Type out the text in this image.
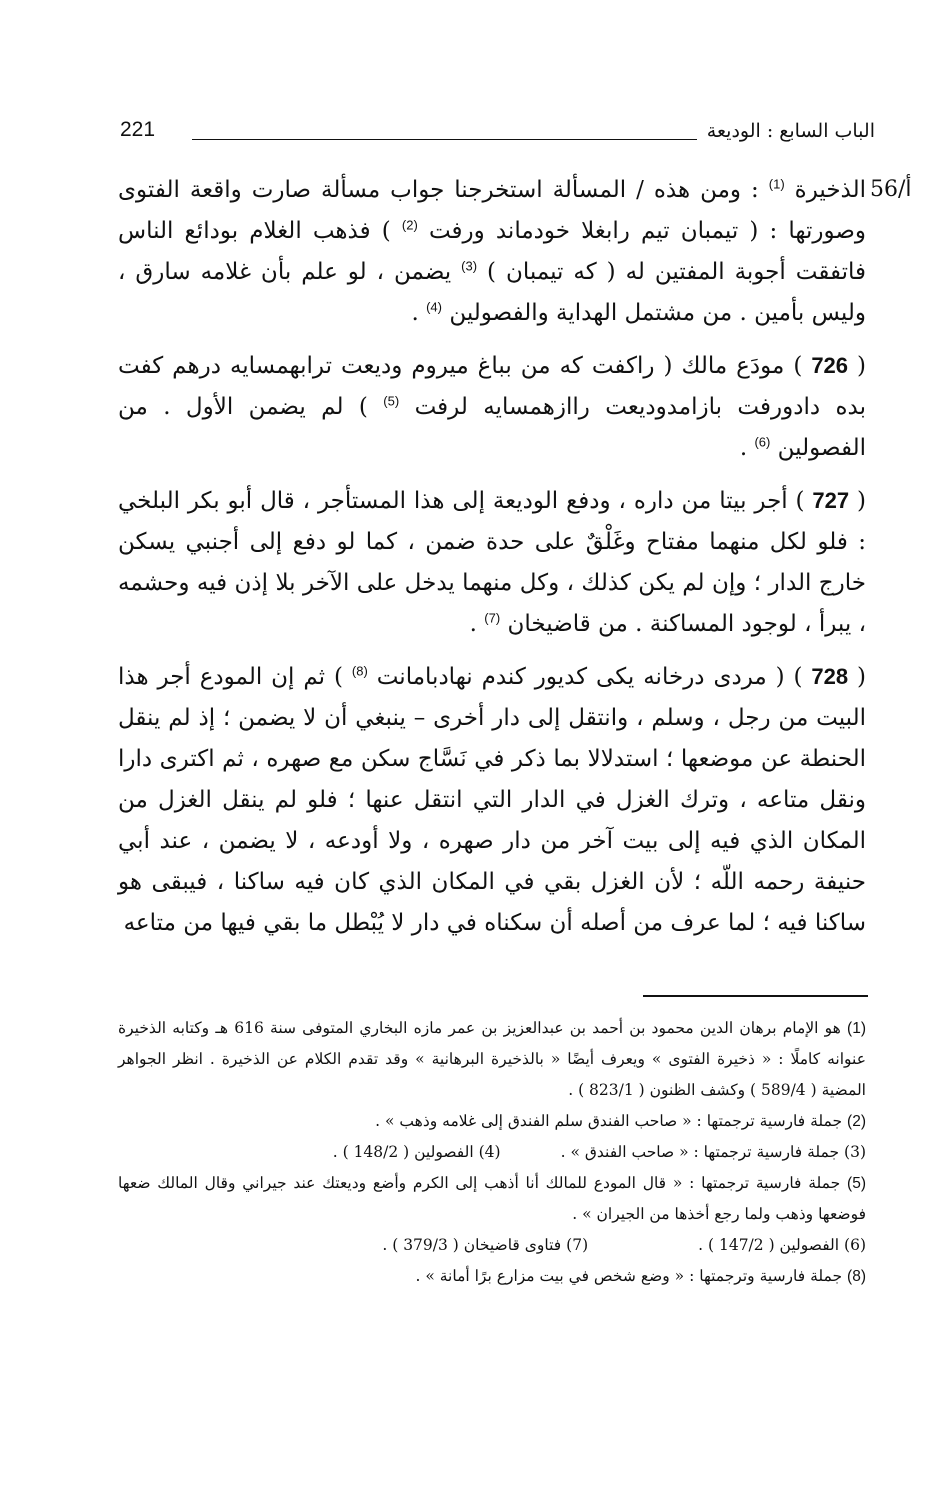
الباب السابع : الوديعة
221
56/أ

الذخيرة $^{(1)}$ : ومن هذه / المسألة استخرجنا جواب مسألة صارت واقعة الفتوى وصورتها : ( تيمبان تيم رابغلا خودماند ورفت $^{(2)}$ ) فذهب الغلام بودائع الناس فاتفقت أجوبة المفتين له ( كه تيمبان ) $^{(3)}$ يضمن ، لو علم بأن غلامه سارق ، وليس بأمين . من مشتمل الهداية والفصولين $^{(4)}$ .

( 726 ) مودَع مالك ( راكفت كه من بباغ ميروم وديعت ترابهمسايه درهم كفت بده دادورفت بازامدوديعت راازهمسايه لرفت $^{(5)}$ ) لم يضمن الأول . من الفصولين $^{(6)}$ .

( 727 ) أجر بيتا من داره ، ودفع الوديعة إلى هذا المستأجر ، قال أبو بكر البلخي : فلو لكل منهما مفتاح وغَلْقٌ على حدة ضمن ، كما لو دفع إلى أجنبي يسكن خارج الدار ؛ وإن لم يكن كذلك ، وكل منهما يدخل على الآخر بلا إذن فيه وحشمه ، يبرأ ، لوجود المساكنة . من قاضيخان $^{(7)}$ .

( 728 ) ( مردى درخانه يكى كديور كندم نهادبامانت $^{(8)}$ ) ثم إن المودع أجر هذا البيت من رجل ، وسلم ، وانتقل إلى دار أخرى – ينبغي أن لا يضمن ؛ إذ لم ينقل الحنطة عن موضعها ؛ استدلالا بما ذكر في نَسَّاج سكن مع صهره ، ثم اكترى دارا ونقل متاعه ، وترك الغزل في الدار التي انتقل عنها ؛ فلو لم ينقل الغزل من المكان الذي فيه إلى بيت آخر من دار صهره ، ولا أودعه ، لا يضمن ، عند أبي حنيفة رحمه اللّه ؛ لأن الغزل بقي في المكان الذي كان فيه ساكنا ، فيبقى هو ساكنا فيه ؛ لما عرف من أصله أن سكناه في دار لا يُبْطل ما بقي فيها من متاعه

(1) هو الإمام برهان الدين محمود بن أحمد بن عبدالعزيز بن عمر مازه البخاري المتوفى سنة 616 هـ وكتابه الذخيرة عنوانه كاملًا : « ذخيرة الفتوى » ويعرف أيضًا « بالذخيرة البرهانية » وقد تقدم الكلام عن الذخيرة . انظر الجواهر المضية ( 589/4 ) وكشف الظنون ( 823/1 ) .

(2) جملة فارسية ترجمتها : « صاحب الفندق سلم الفندق إلى غلامه وذهب » .

(3) جملة فارسية ترجمتها : « صاحب الفندق » .(4) الفصولين ( 148/2 ) .

(5) جملة فارسية ترجمتها : « قال المودع للمالك أنا أذهب إلى الكرم وأضع وديعتك عند جيراني وقال المالك ضعها فوضعها وذهب ولما رجع أخذها من الجيران » .

(6) الفصولين ( 147/2 ) .(7) فتاوى قاضيخان ( 379/3 ) .

(8) جملة فارسية وترجمتها : « وضع شخص في بيت مزارع برًا أمانة » .
